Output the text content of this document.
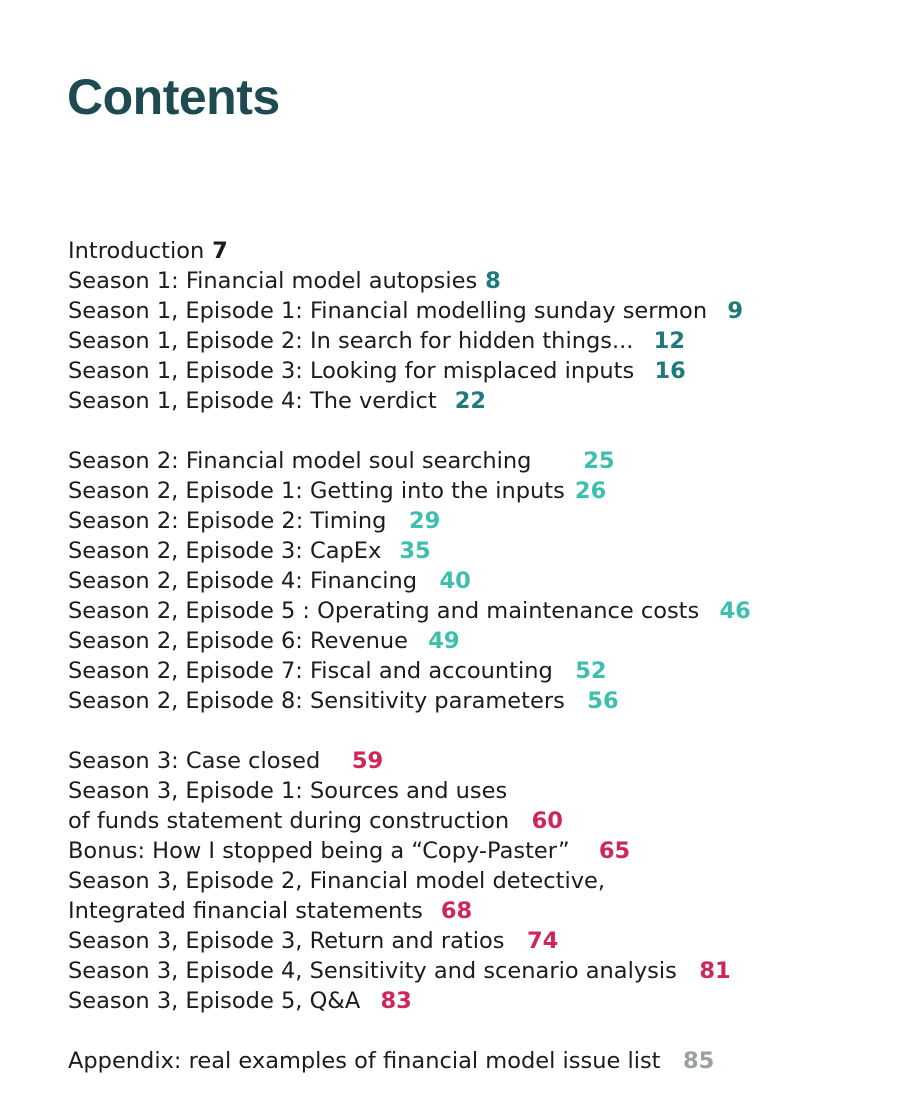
Contents
Introduction 7
Season 1: Financial model autopsies 8
Season 1, Episode 1: Financial modelling sunday sermon 9
Season 1, Episode 2: In search for hidden things... 12
Season 1, Episode 3: Looking for misplaced inputs 16
Season 1, Episode 4: The verdict 22
Season 2: Financial model soul searching 25
Season 2, Episode 1: Getting into the inputs 26
Season 2: Episode 2: Timing 29
Season 2, Episode 3: CapEx 35
Season 2, Episode 4: Financing 40
Season 2, Episode 5 : Operating and maintenance costs 46
Season 2, Episode 6: Revenue 49
Season 2, Episode 7: Fiscal and accounting 52
Season 2, Episode 8: Sensitivity parameters 56
Season 3: Case closed 59
Season 3, Episode 1: Sources and uses
of funds statement during construction 60
Bonus: How I stopped being a “Copy-Paster” 65
Season 3, Episode 2, Financial model detective,
Integrated financial statements 68
Season 3, Episode 3, Return and ratios 74
Season 3, Episode 4, Sensitivity and scenario analysis 81
Season 3, Episode 5, Q&A 83
Appendix: real examples of financial model issue list 85
